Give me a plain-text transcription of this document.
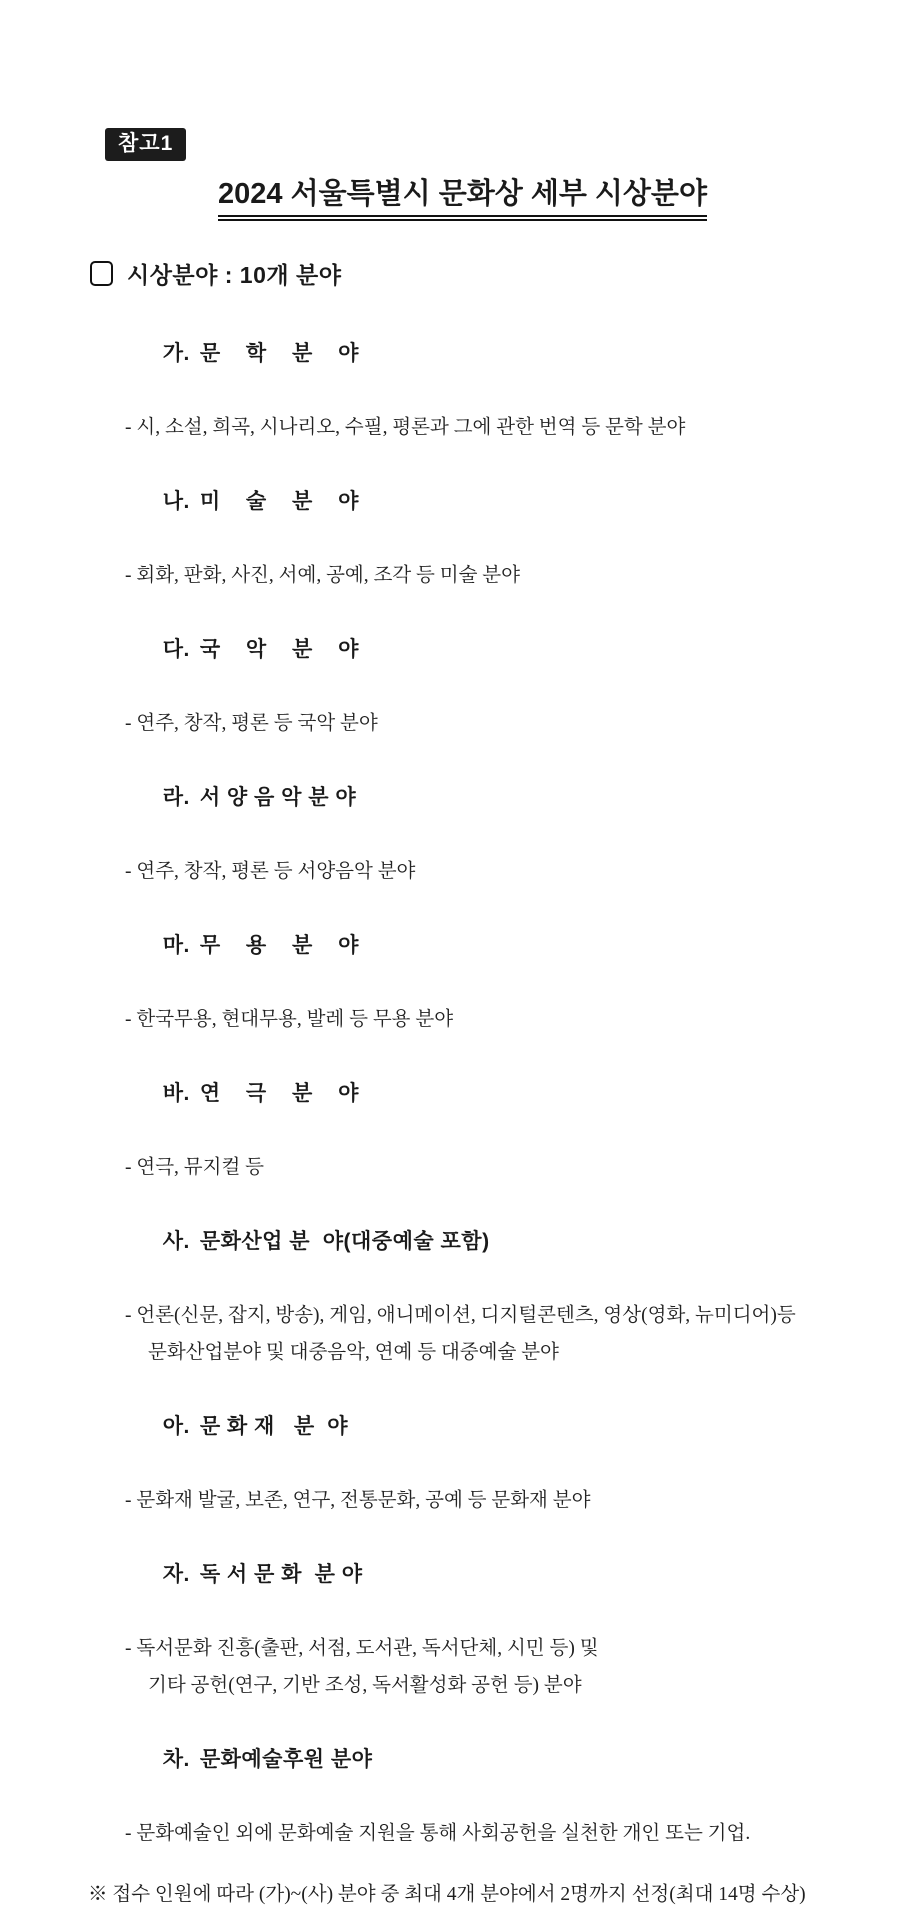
참고1
2024 서울특별시 문화상 세부 시상분야
시상분야 : 10개 분야

가. 문    학    분    야

- 시, 소설, 희곡, 시나리오, 수필, 평론과 그에 관한 번역 등 문학 분야

나. 미    술    분    야

- 회화, 판화, 사진, 서예, 공예, 조각 등 미술 분야

다. 국    악    분    야

- 연주, 창작, 평론 등 국악 분야

라. 서 양 음 악 분 야

- 연주, 창작, 평론 등 서양음악 분야

마. 무    용    분    야

- 한국무용, 현대무용, 발레 등 무용 분야

바. 연    극    분    야

- 연극, 뮤지컬 등

사. 문화산업 분  야(대중예술 포함)

- 언론(신문, 잡지, 방송), 게임, 애니메이션, 디지털콘텐츠, 영상(영화, 뉴미디어)등
문화산업분야 및 대중음악, 연예 등 대중예술 분야

아. 문 화 재   분  야

- 문화재 발굴, 보존, 연구, 전통문화, 공예 등 문화재 분야

자. 독 서 문 화  분 야

- 독서문화 진흥(출판, 서점, 도서관, 독서단체, 시민 등) 및
기타 공헌(연구, 기반 조성, 독서활성화 공헌 등) 분야

차. 문화예술후원 분야

- 문화예술인 외에 문화예술 지원을 통해 사회공헌을 실천한 개인 또는 기업.
※ 접수 인원에 따라 (가)~(사) 분야 중 최대 4개 분야에서 2명까지 선정(최대 14명 수상)
